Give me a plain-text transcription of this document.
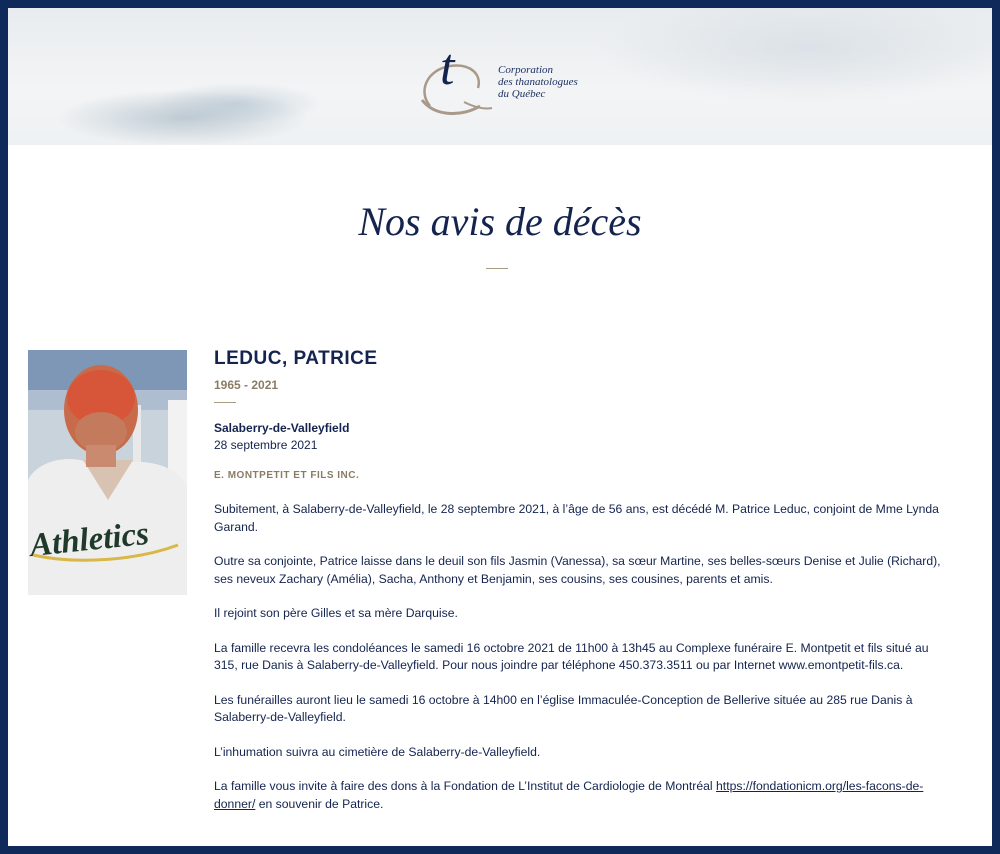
t	Corporation
des thanatologues
du Québec
Nos avis de décès
Athletics
LEDUC, PATRICE
1965 - 2021
Salaberry-de-Valleyfield
28 septembre 2021
E. MONTPETIT ET FILS INC.

Subitement, à Salaberry-de-Valleyfield, le 28 septembre 2021, à l’âge de 56 ans, est décédé M. Patrice Leduc, conjoint de Mme Lynda Garand.

Outre sa conjointe, Patrice laisse dans le deuil son fils Jasmin (Vanessa), sa sœur Martine, ses belles-sœurs Denise et Julie (Richard), ses neveux Zachary (Amélia), Sacha, Anthony et Benjamin, ses cousins, ses cousines, parents et amis.

Il rejoint son père Gilles et sa mère Darquise.

La famille recevra les condoléances le samedi 16 octobre 2021 de 11h00 à 13h45 au Complexe funéraire E. Montpetit et fils situé au 315, rue Danis à Salaberry-de-Valleyfield. Pour nous joindre par téléphone 450.373.3511 ou par Internet www.emontpetit-fils.ca.

Les funérailles auront lieu le samedi 16 octobre à 14h00 en l’église Immaculée-Conception de Bellerive située au 285 rue Danis à Salaberry-de-Valleyfield.

L’inhumation suivra au cimetière de Salaberry-de-Valleyfield.

La famille vous invite à faire des dons à la Fondation de L’Institut de Cardiologie de Montréal https://fondationicm.org/les-facons-de-donner/ en souvenir de Patrice.
